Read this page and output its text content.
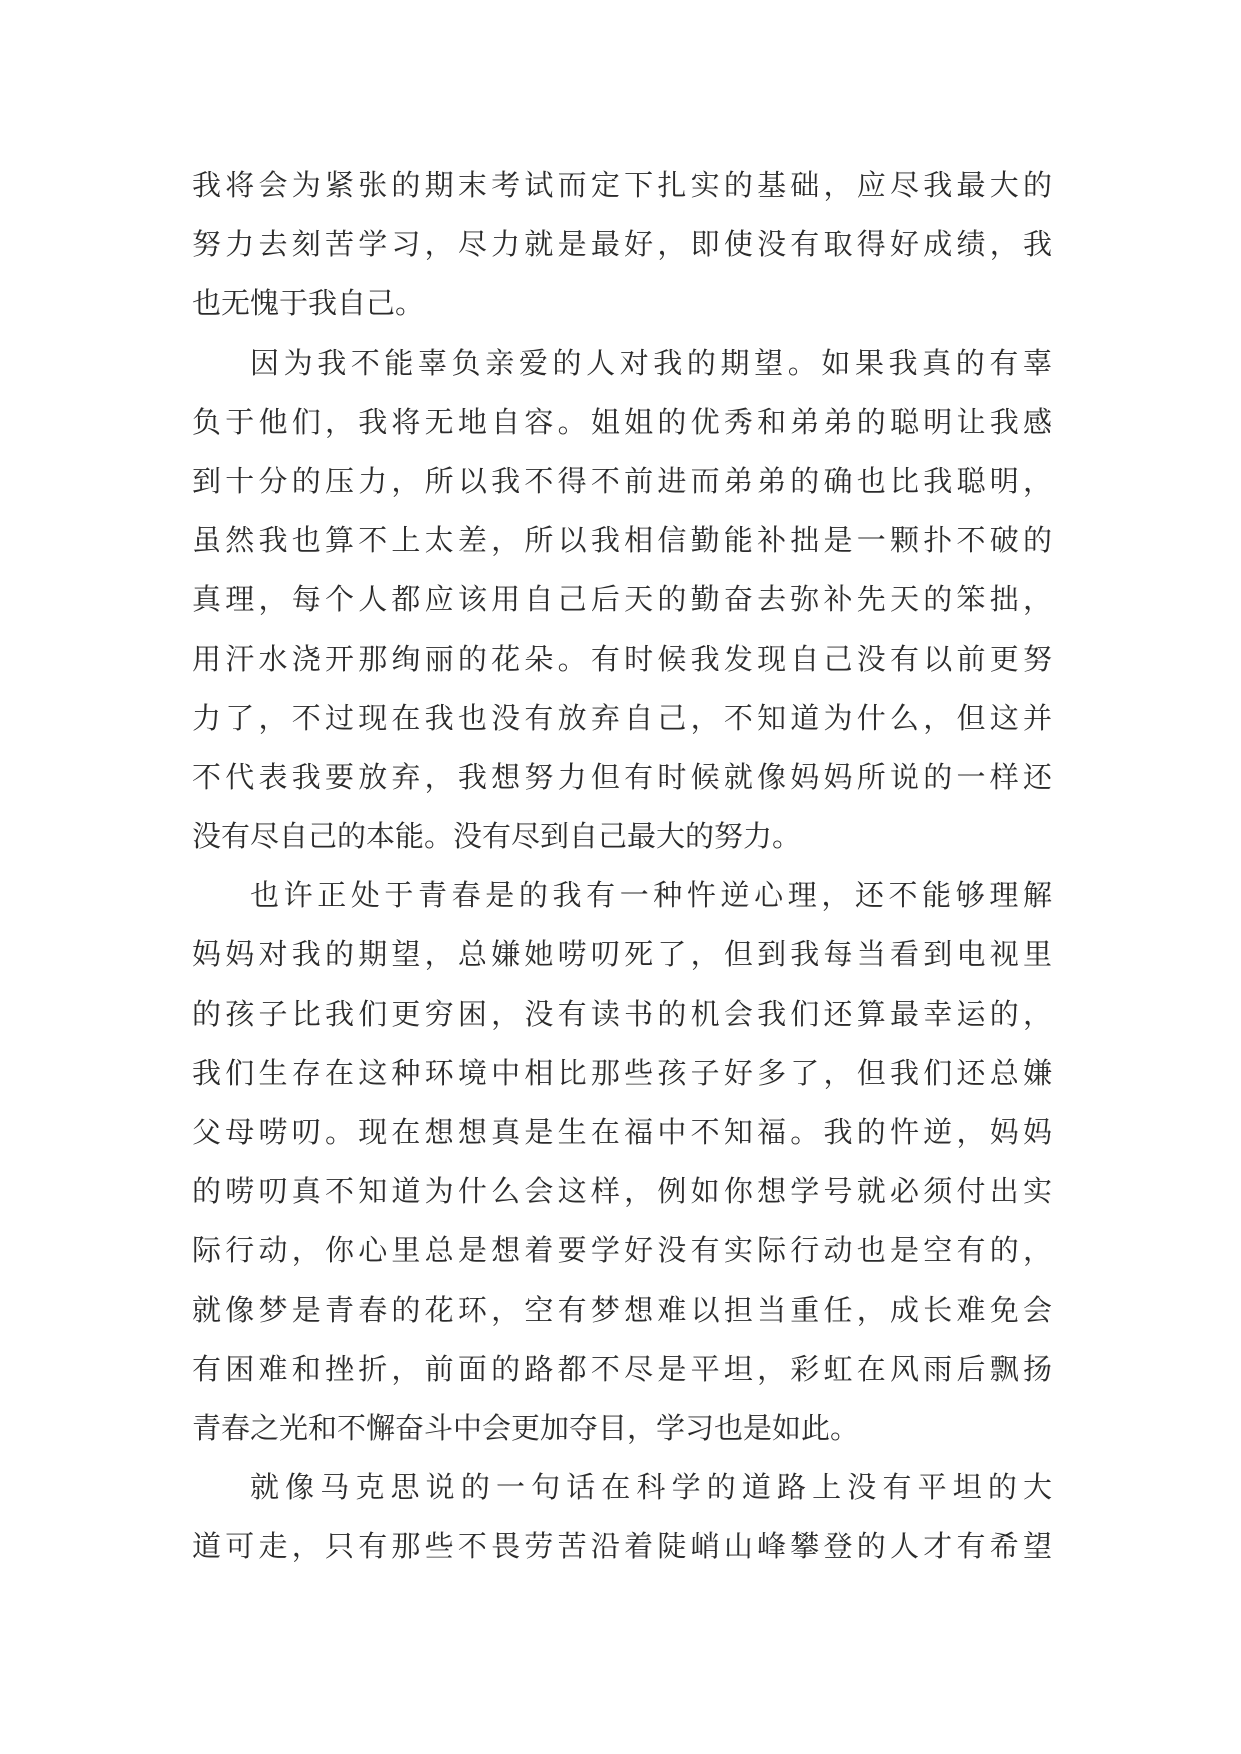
我将会为紧张的期末考试而定下扎实的基础，应尽我最大的
努力去刻苦学习，尽力就是最好，即使没有取得好成绩，我
也无愧于我自己。
因为我不能辜负亲爱的人对我的期望。如果我真的有辜
负于他们，我将无地自容。姐姐的优秀和弟弟的聪明让我感
到十分的压力，所以我不得不前进而弟弟的确也比我聪明，
虽然我也算不上太差，所以我相信勤能补拙是一颗扑不破的
真理，每个人都应该用自己后天的勤奋去弥补先天的笨拙，
用汗水浇开那绚丽的花朵。有时候我发现自己没有以前更努
力了，不过现在我也没有放弃自己，不知道为什么，但这并
不代表我要放弃，我想努力但有时候就像妈妈所说的一样还
没有尽自己的本能。没有尽到自己最大的努力。
也许正处于青春是的我有一种忤逆心理，还不能够理解
妈妈对我的期望，总嫌她唠叨死了，但到我每当看到电视里
的孩子比我们更穷困，没有读书的机会我们还算最幸运的，
我们生存在这种环境中相比那些孩子好多了，但我们还总嫌
父母唠叨。现在想想真是生在福中不知福。我的忤逆，妈妈
的唠叨真不知道为什么会这样，例如你想学号就必须付出实
际行动，你心里总是想着要学好没有实际行动也是空有的，
就像梦是青春的花环，空有梦想难以担当重任，成长难免会
有困难和挫折，前面的路都不尽是平坦，彩虹在风雨后飘扬
青春之光和不懈奋斗中会更加夺目，学习也是如此。
就像马克思说的一句话在科学的道路上没有平坦的大
道可走，只有那些不畏劳苦沿着陡峭山峰攀登的人才有希望
